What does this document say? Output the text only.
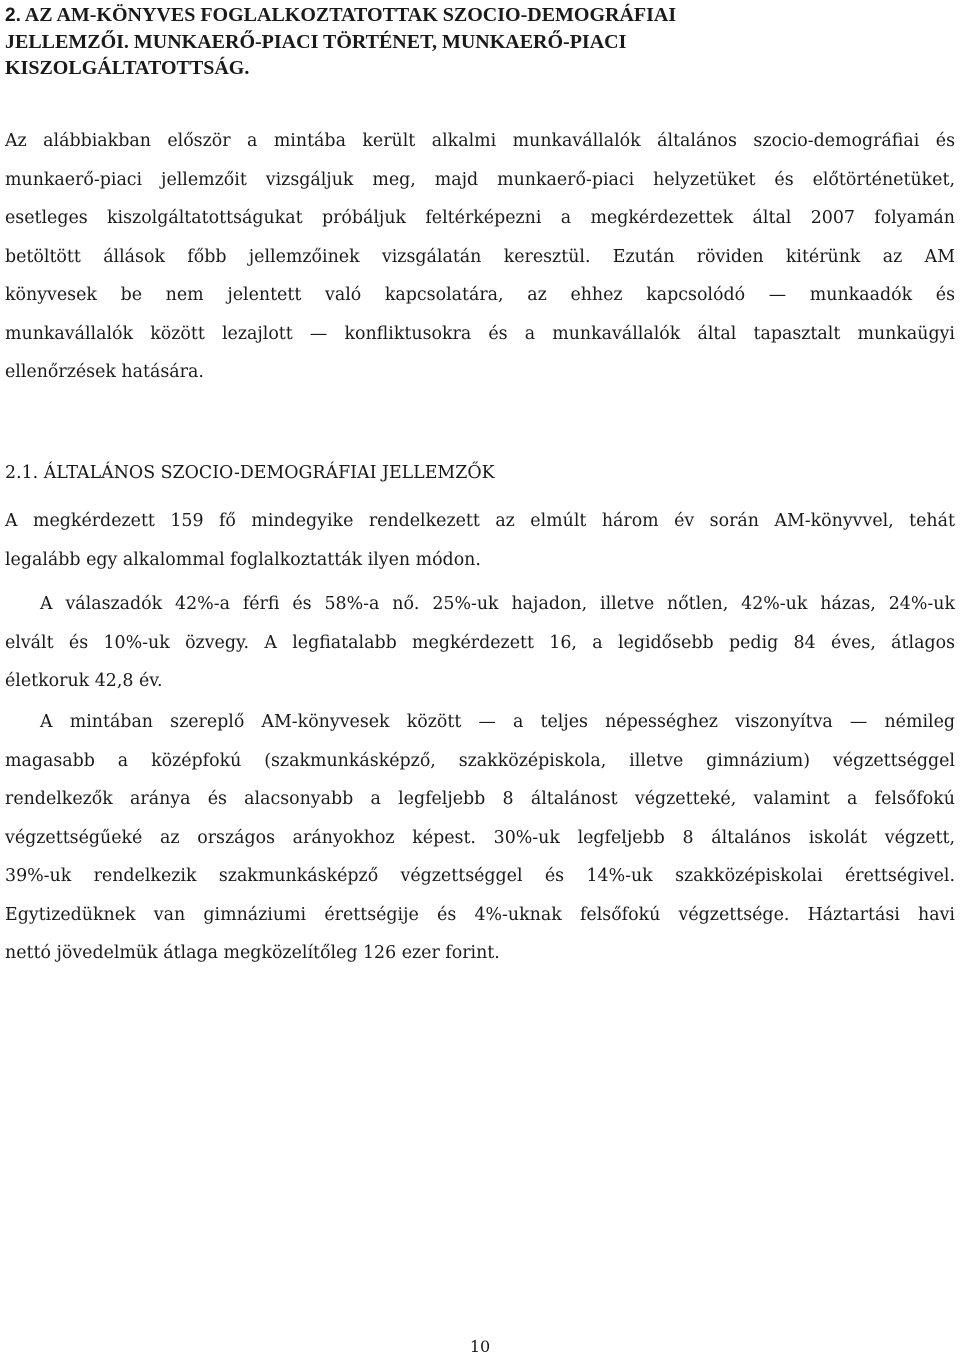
2. AZ AM-KÖNYVES FOGLALKOZTATOTTAK SZOCIO-DEMOGRÁFIAI
JELLEMZŐI. MUNKAERŐ-PIACI TÖRTÉNET, MUNKAERŐ-PIACI
KISZOLGÁLTATOTTSÁG.
Az alábbiakban először a mintába került alkalmi munkavállalók általános szocio-demográfiai és
munkaerő-piaci jellemzőit vizsgáljuk meg, majd munkaerő-piaci helyzetüket és előtörténetüket,
esetleges kiszolgáltatottságukat próbáljuk feltérképezni a megkérdezettek által 2007 folyamán
betöltött állások főbb jellemzőinek vizsgálatán keresztül. Ezután röviden kitérünk az AM
könyvesek be nem jelentett való kapcsolatára, az ehhez kapcsolódó — munkaadók és
munkavállalók között lezajlott — konfliktusokra és a munkavállalók által tapasztalt munkaügyi
ellenőrzések hatására.
2.1. ÁLTALÁNOS SZOCIO-DEMOGRÁFIAI JELLEMZŐK
A megkérdezett 159 fő mindegyike rendelkezett az elmúlt három év során AM-könyvvel, tehát
legalább egy alkalommal foglalkoztatták ilyen módon.
A válaszadók 42%-a férfi és 58%-a nő. 25%-uk hajadon, illetve nőtlen, 42%-uk házas, 24%-uk
elvált és 10%-uk özvegy. A legfiatalabb megkérdezett 16, a legidősebb pedig 84 éves, átlagos
életkoruk 42,8 év.
A mintában szereplő AM-könyvesek között — a teljes népességhez viszonyítva — némileg
magasabb a középfokú (szakmunkásképző, szakközépiskola, illetve gimnázium) végzettséggel
rendelkezők aránya és alacsonyabb a legfeljebb 8 általánost végzetteké, valamint a felsőfokú
végzettségűeké az országos arányokhoz képest. 30%-uk legfeljebb 8 általános iskolát végzett,
39%-uk rendelkezik szakmunkásképző végzettséggel és 14%-uk szakközépiskolai érettségivel.
Egytizedüknek van gimnáziumi érettségije és 4%-uknak felsőfokú végzettsége. Háztartási havi
nettó jövedelmük átlaga megközelítőleg 126 ezer forint.
10
